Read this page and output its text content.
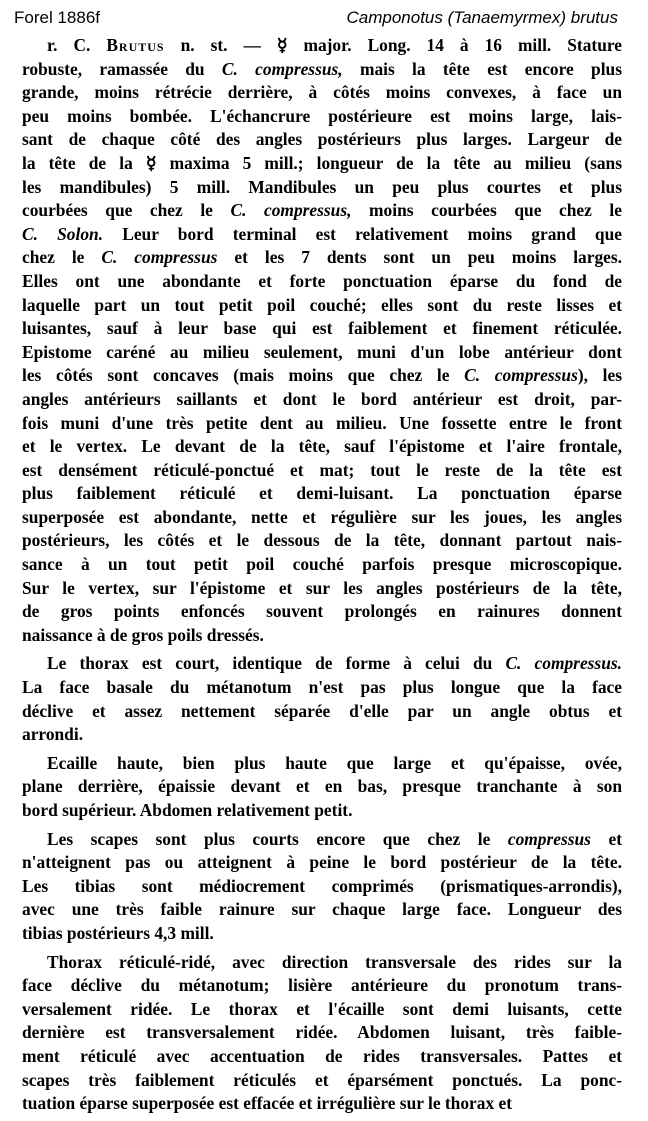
Forel 1886f	Camponotus (Tanaemyrmex) brutus
r. C. Brutus n. st. — ☿ major. Long. 14 à 16 mill. Stature
robuste, ramassée du C. compressus, mais la tête est encore plus
grande, moins rétrécie derrière, à côtés moins convexes, à face un
peu moins bombée. L'échancrure postérieure est moins large, lais-
sant de chaque côté des angles postérieurs plus larges. Largeur de
la tête de la ☿ maxima 5 mill.; longueur de la tête au milieu (sans
les mandibules) 5 mill. Mandibules un peu plus courtes et plus
courbées que chez le C. compressus, moins courbées que chez le
C. Solon. Leur bord terminal est relativement moins grand que
chez le C. compressus et les 7 dents sont un peu moins larges.
Elles ont une abondante et forte ponctuation éparse du fond de
laquelle part un tout petit poil couché; elles sont du reste lisses et
luisantes, sauf à leur base qui est faiblement et finement réticulée.
Epistome caréné au milieu seulement, muni d'un lobe antérieur dont
les côtés sont concaves (mais moins que chez le C. compressus), les
angles antérieurs saillants et dont le bord antérieur est droit, par-
fois muni d'une très petite dent au milieu. Une fossette entre le front
et le vertex. Le devant de la tête, sauf l'épistome et l'aire frontale,
est densément réticulé-ponctué et mat; tout le reste de la tête est
plus faiblement réticulé et demi-luisant. La ponctuation éparse
superposée est abondante, nette et régulière sur les joues, les angles
postérieurs, les côtés et le dessous de la tête, donnant partout nais-
sance à un tout petit poil couché parfois presque microscopique.
Sur le vertex, sur l'épistome et sur les angles postérieurs de la tête,
de gros points enfoncés souvent prolongés en rainures donnent
naissance à de gros poils dressés.
Le thorax est court, identique de forme à celui du C. compressus.
La face basale du métanotum n'est pas plus longue que la face
déclive et assez nettement séparée d'elle par un angle obtus et
arrondi.
Ecaille haute, bien plus haute que large et qu'épaisse, ovée,
plane derrière, épaissie devant et en bas, presque tranchante à son
bord supérieur. Abdomen relativement petit.
Les scapes sont plus courts encore que chez le compressus et
n'atteignent pas ou atteignent à peine le bord postérieur de la tête.
Les tibias sont médiocrement comprimés (prismatiques-arrondis),
avec une très faible rainure sur chaque large face. Longueur des
tibias postérieurs 4,3 mill.
Thorax réticulé-ridé, avec direction transversale des rides sur la
face déclive du métanotum; lisière antérieure du pronotum trans-
versalement ridée. Le thorax et l'écaille sont demi luisants, cette
dernière est transversalement ridée. Abdomen luisant, très faible-
ment réticulé avec accentuation de rides transversales. Pattes et
scapes très faiblement réticulés et éparsément ponctués. La ponc-
tuation éparse superposée est effacée et irrégulière sur le thorax et
